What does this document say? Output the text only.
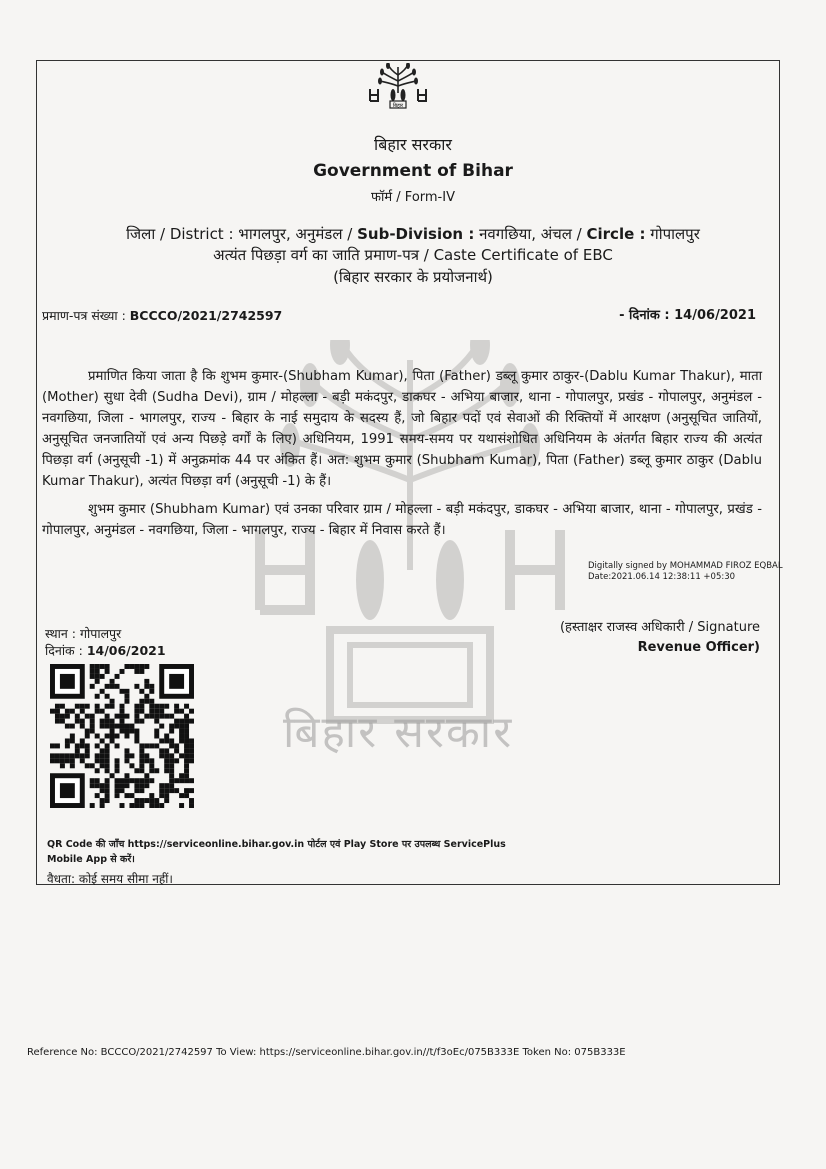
बिहार सरकार
बिहार
बिहार सरकार
Government of Bihar
फॉर्म / Form-IV
जिला / District : भागलपुर, अनुमंडल / Sub-Division : नवगछिया, अंचल / Circle : गोपालपुर
अत्यंत पिछड़ा वर्ग का जाति प्रमाण-पत्र / Caste Certificate of EBC
(बिहार सरकार के प्रयोजनार्थ)
प्रमाण-पत्र संख्या : BCCCO/2021/2742597	- दिनांक : 14/06/2021
प्रमाणित किया जाता है कि शुभम कुमार-(Shubham Kumar), पिता (Father) डब्लू कुमार ठाकुर-(Dablu Kumar Thakur), माता (Mother) सुधा देवी (Sudha Devi), ग्राम / मोहल्ला - बड़ी मकंदपुर, डाकघर - अभिया बाजार, थाना - गोपालपुर, प्रखंड - गोपालपुर, अनुमंडल - नवगछिया, जिला - भागलपुर, राज्य - बिहार के नाई समुदाय के सदस्य हैं, जो बिहार पदों एवं सेवाओं की रिक्तियों में आरक्षण (अनुसूचित जातियों, अनुसूचित जनजातियों एवं अन्य पिछड़े वर्गों के लिए) अधिनियम, 1991 समय-समय पर यथासंशोधित अधिनियम के अंतर्गत बिहार राज्य की अत्यंत पिछड़ा वर्ग (अनुसूची -1) में अनुक्रमांक 44 पर अंकित हैं। अत: शुभम कुमार (Shubham Kumar), पिता (Father) डब्लू कुमार ठाकुर (Dablu Kumar Thakur), अत्यंत पिछड़ा वर्ग (अनुसूची -1) के हैं।
शुभम कुमार (Shubham Kumar) एवं उनका परिवार ग्राम / मोहल्ला - बड़ी मकंदपुर, डाकघर - अभिया बाजार, थाना - गोपालपुर, प्रखंड - गोपालपुर, अनुमंडल - नवगछिया, जिला - भागलपुर, राज्य - बिहार में निवास करते हैं।
Digitally signed by MOHAMMAD FIROZ EQBAL
Date:2021.06.14 12:38:11 +05:30
स्थान : गोपालपुर
दिनांक : 14/06/2021
(हस्ताक्षर राजस्व अधिकारी / Signature
Revenue Officer)
QR Code की जाँच https://serviceonline.bihar.gov.in पोर्टल एवं Play Store पर उपलब्ध ServicePlus Mobile App से करें।
वैधता: कोई समय सीमा नहीं।
Reference No: BCCCO/2021/2742597 To View: https://serviceonline.bihar.gov.in//t/f3oEc/075B333E Token No: 075B333E
